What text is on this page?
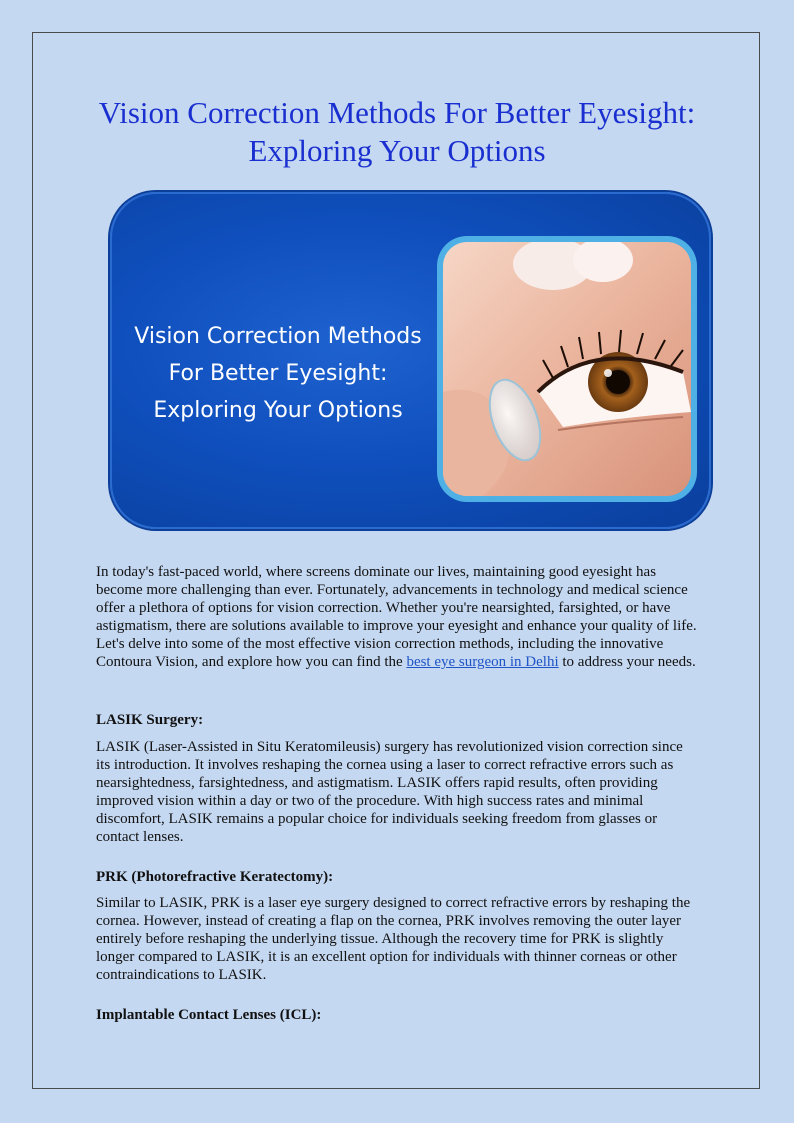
Vision Correction Methods For Better Eyesight: Exploring Your Options
Vision Correction Methods
For Better Eyesight:
Exploring Your Options

In today's fast-paced world, where screens dominate our lives, maintaining good eyesight has become more challenging than ever. Fortunately, advancements in technology and medical science offer a plethora of options for vision correction. Whether you're nearsighted, farsighted, or have astigmatism, there are solutions available to improve your eyesight and enhance your quality of life. Let's delve into some of the most effective vision correction methods, including the innovative Contoura Vision, and explore how you can find the best eye surgeon in Delhi to address your needs.

LASIK Surgery:

LASIK (Laser-Assisted in Situ Keratomileusis) surgery has revolutionized vision correction since its introduction. It involves reshaping the cornea using a laser to correct refractive errors such as nearsightedness, farsightedness, and astigmatism. LASIK offers rapid results, often providing improved vision within a day or two of the procedure. With high success rates and minimal discomfort, LASIK remains a popular choice for individuals seeking freedom from glasses or contact lenses.

PRK (Photorefractive Keratectomy):

Similar to LASIK, PRK is a laser eye surgery designed to correct refractive errors by reshaping the cornea. However, instead of creating a flap on the cornea, PRK involves removing the outer layer entirely before reshaping the underlying tissue. Although the recovery time for PRK is slightly longer compared to LASIK, it is an excellent option for individuals with thinner corneas or other contraindications to LASIK.

Implantable Contact Lenses (ICL):
